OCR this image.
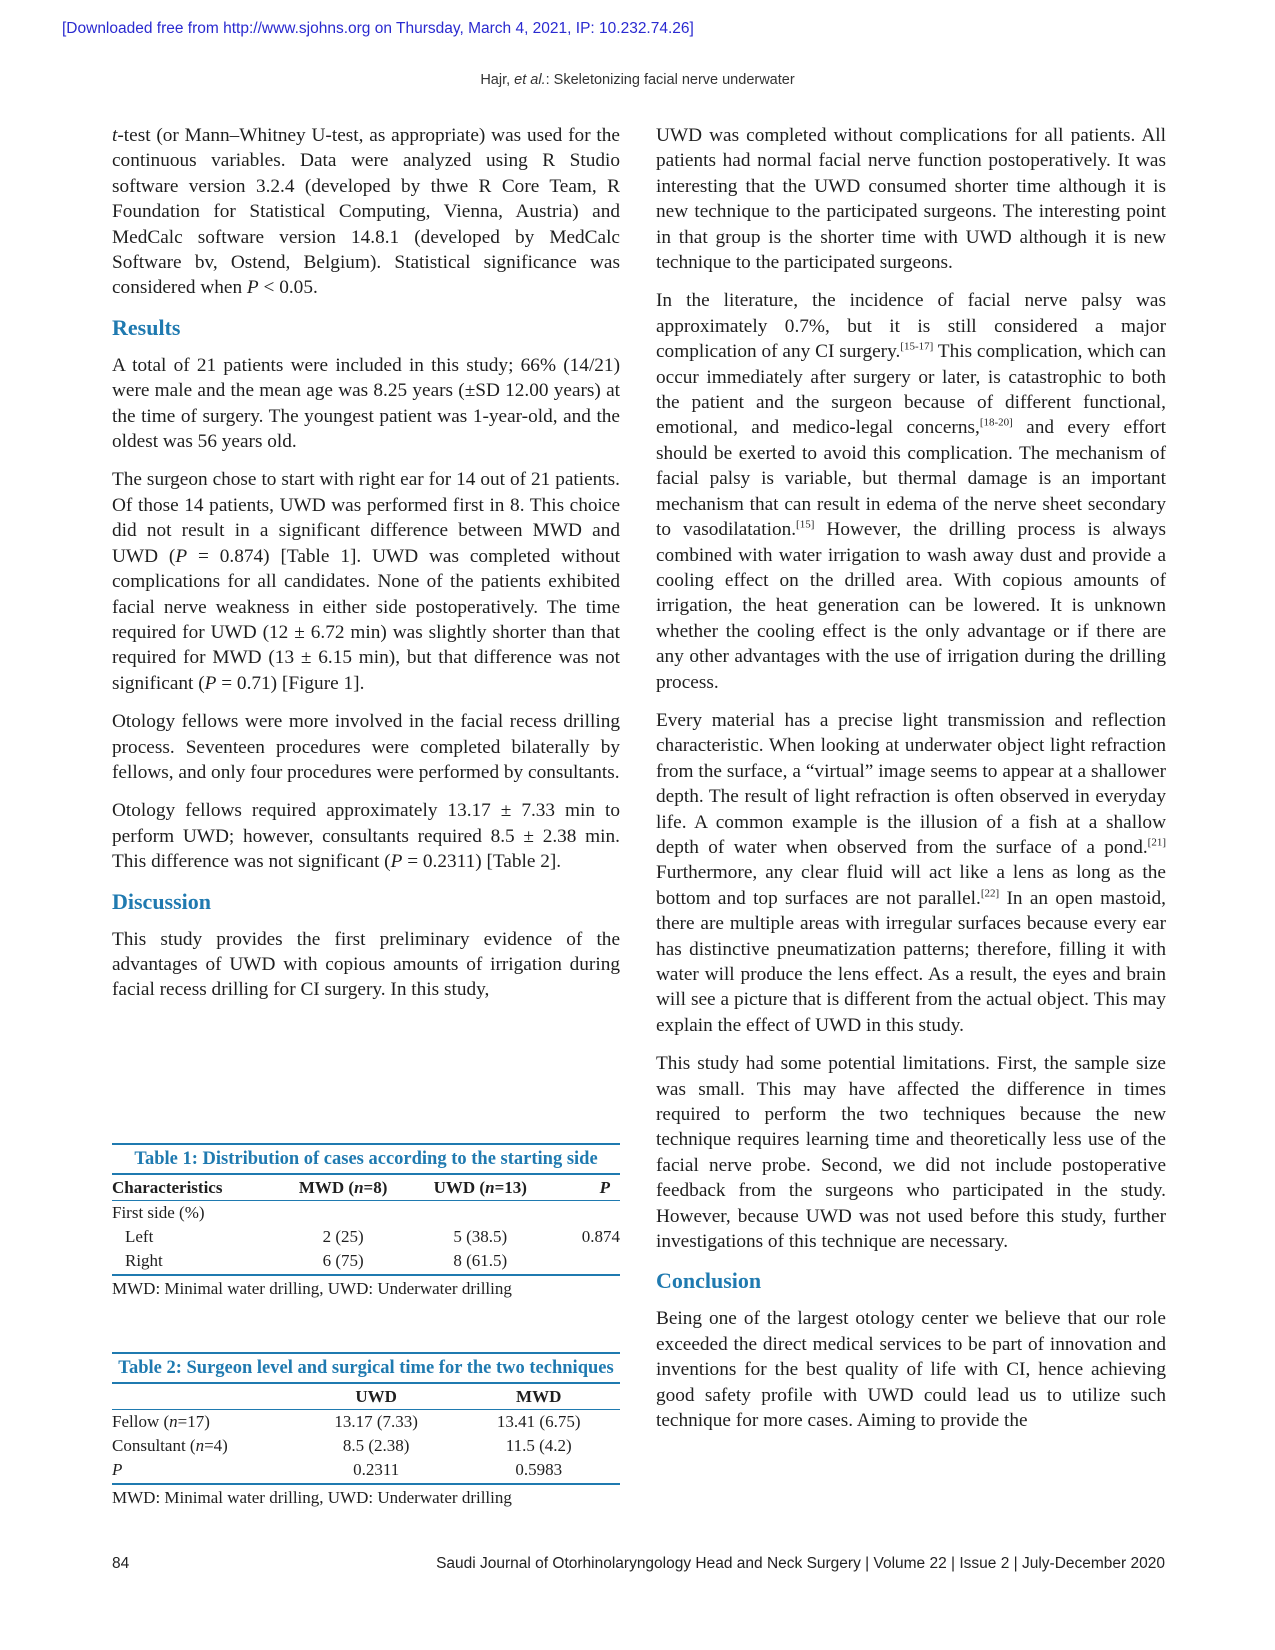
[Downloaded free from http://www.sjohns.org on Thursday, March 4, 2021, IP: 10.232.74.26]
Hajr, et al.: Skeletonizing facial nerve underwater

t-test (or Mann–Whitney U-test, as appropriate) was used for the continuous variables. Data were analyzed using R Studio software version 3.2.4 (developed by thwe R Core Team, R Foundation for Statistical Computing, Vienna, Austria) and MedCalc software version 14.8.1 (developed by MedCalc Software bv, Ostend, Belgium). Statistical significance was considered when P < 0.05.

Results

A total of 21 patients were included in this study; 66% (14/21) were male and the mean age was 8.25 years (±SD 12.00 years) at the time of surgery. The youngest patient was 1-year-old, and the oldest was 56 years old.

The surgeon chose to start with right ear for 14 out of 21 patients. Of those 14 patients, UWD was performed first in 8. This choice did not result in a significant difference between MWD and UWD (P = 0.874) [Table 1]. UWD was completed without complications for all candidates. None of the patients exhibited facial nerve weakness in either side postoperatively. The time required for UWD (12 ± 6.72 min) was slightly shorter than that required for MWD (13 ± 6.15 min), but that difference was not significant (P = 0.71) [Figure 1].

Otology fellows were more involved in the facial recess drilling process. Seventeen procedures were completed bilaterally by fellows, and only four procedures were performed by consultants.

Otology fellows required approximately 13.17 ± 7.33 min to perform UWD; however, consultants required 8.5 ± 2.38 min. This difference was not significant (P = 0.2311) [Table 2].

Discussion

This study provides the first preliminary evidence of the advantages of UWD with copious amounts of irrigation during facial recess drilling for CI surgery. In this study,

Table 1: Distribution of cases according to the starting side
Characteristics	MWD (n=8)	UWD (n=13)	P
First side (%)			
Left	2 (25)	5 (38.5)	0.874
Right	6 (75)	8 (61.5)	
MWD: Minimal water drilling, UWD: Underwater drilling
Table 2: Surgeon level and surgical time for the two techniques
	UWD	MWD
Fellow (n=17)	13.17 (7.33)	13.41 (6.75)
Consultant (n=4)	8.5 (2.38)	11.5 (4.2)
P	0.2311	0.5983
MWD: Minimal water drilling, UWD: Underwater drilling

UWD was completed without complications for all patients. All patients had normal facial nerve function postoperatively. It was interesting that the UWD consumed shorter time although it is new technique to the participated surgeons. The interesting point in that group is the shorter time with UWD although it is new technique to the participated surgeons.

In the literature, the incidence of facial nerve palsy was approximately 0.7%, but it is still considered a major complication of any CI surgery.[15-17] This complication, which can occur immediately after surgery or later, is catastrophic to both the patient and the surgeon because of different functional, emotional, and medico-legal concerns,[18-20] and every effort should be exerted to avoid this complication. The mechanism of facial palsy is variable, but thermal damage is an important mechanism that can result in edema of the nerve sheet secondary to vasodilatation.[15] However, the drilling process is always combined with water irrigation to wash away dust and provide a cooling effect on the drilled area. With copious amounts of irrigation, the heat generation can be lowered. It is unknown whether the cooling effect is the only advantage or if there are any other advantages with the use of irrigation during the drilling process.

Every material has a precise light transmission and reflection characteristic. When looking at underwater object light refraction from the surface, a “virtual” image seems to appear at a shallower depth. The result of light refraction is often observed in everyday life. A common example is the illusion of a fish at a shallow depth of water when observed from the surface of a pond.[21] Furthermore, any clear fluid will act like a lens as long as the bottom and top surfaces are not parallel.[22] In an open mastoid, there are multiple areas with irregular surfaces because every ear has distinctive pneumatization patterns; therefore, filling it with water will produce the lens effect. As a result, the eyes and brain will see a picture that is different from the actual object. This may explain the effect of UWD in this study.

This study had some potential limitations. First, the sample size was small. This may have affected the difference in times required to perform the two techniques because the new technique requires learning time and theoretically less use of the facial nerve probe. Second, we did not include postoperative feedback from the surgeons who participated in the study. However, because UWD was not used before this study, further investigations of this technique are necessary.

Conclusion

Being one of the largest otology center we believe that our role exceeded the direct medical services to be part of innovation and inventions for the best quality of life with CI, hence achieving good safety profile with UWD could lead us to utilize such technique for more cases. Aiming to provide the

84	Saudi Journal of Otorhinolaryngology Head and Neck Surgery | Volume 22 | Issue 2 | July-December 2020
